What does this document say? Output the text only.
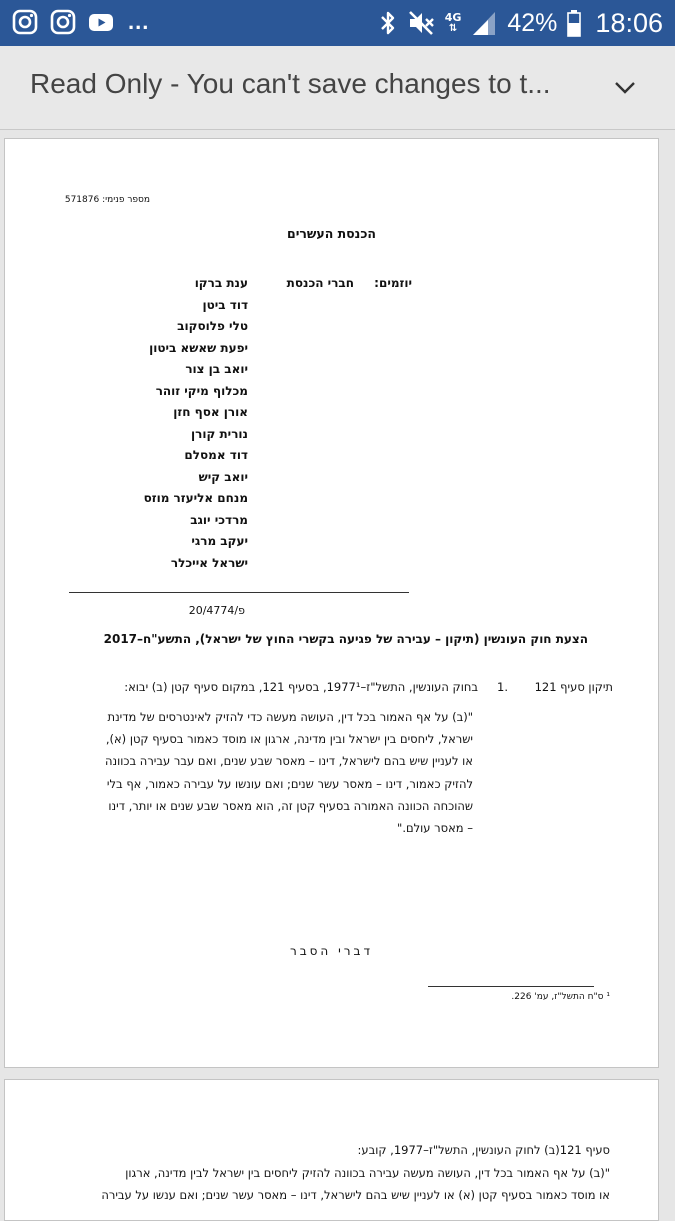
...	4G
⇅ 42% 18:06
Read Only - You can't save changes to t...
מספר פנימי: 571876
הכנסת העשרים
יוזמים:
חברי הכנסת
ענת ברקו
דוד ביטן
טלי פלוסקוב
יפעת שאשא ביטון
יואב בן צור
מכלוף מיקי זוהר
אורן אסף חזן
נורית קורן
דוד אמסלם
יואב קיש
מנחם אליעזר מוזס
מרדכי יוגב
יעקב מרגי
ישראל אייכלר
פ/20/4774
הצעת חוק העונשין (תיקון – עבירה של פגיעה בקשרי החוץ של ישראל), התשע"ח–2017
תיקון סעיף 121
1.
בחוק העונשין, התשל"ז–1977¹, בסעיף 121, במקום סעיף קטן (ב) יבוא:
"(ב) על אף האמור בכל דין, העושה מעשה כדי להזיק לאינטרסים של מדינת
ישראל, ליחסים בין ישראל ובין מדינה, ארגון או מוסד כאמור בסעיף קטן (א),
או לעניין שיש בהם לישראל, דינו – מאסר שבע שנים, ואם עבר עבירה בכוונה
להזיק כאמור, דינו – מאסר עשר שנים; ואם עונשו על עבירה כאמור, אף בלי
שהוכחה הכוונה האמורה בסעיף קטן זה, הוא מאסר שבע שנים או יותר, דינו
– מאסר עולם."
דברי הסבר
¹ ס"ח התשל"ז, עמ' 226.
סעיף 121(ב) לחוק העונשין, התשל"ז–1977, קובע:
"(ב) על אף האמור בכל דין, העושה מעשה עבירה בכוונה להזיק ליחסים בין ישראל לבין מדינה, ארגון
או מוסד כאמור בסעיף קטן (א) או לעניין שיש בהם לישראל, דינו – מאסר עשר שנים; ואם ענשו על עבירה
